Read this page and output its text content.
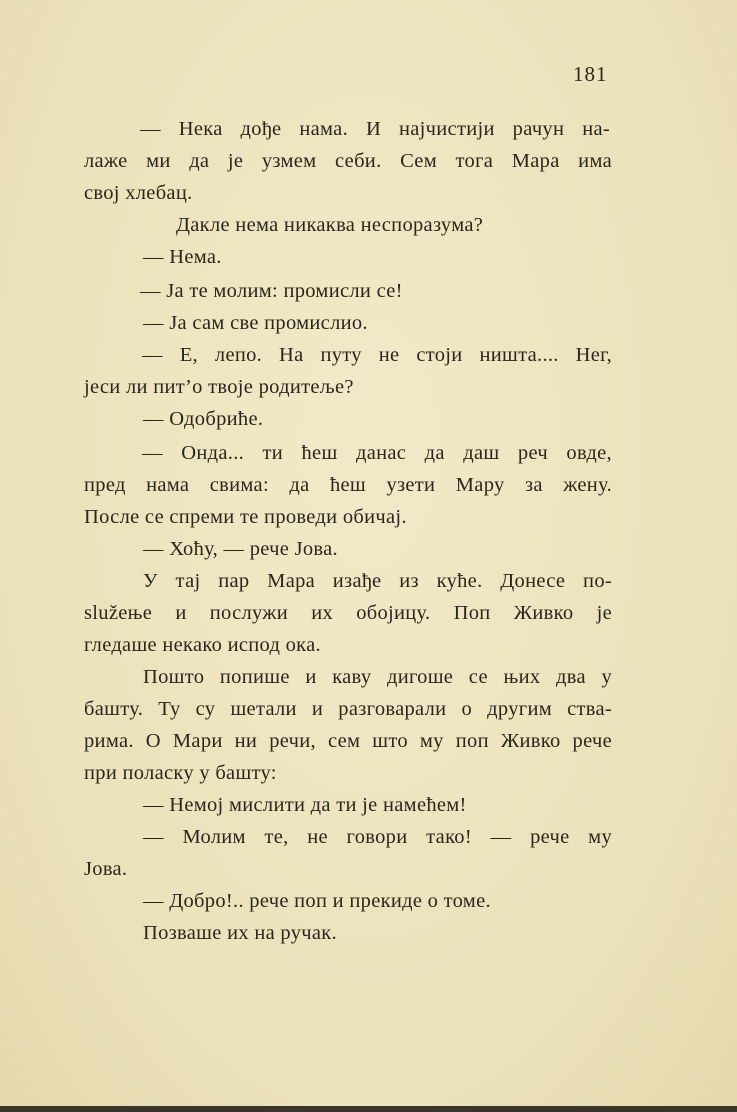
181
— Нека дође нама. И најчистији рачун на-
лаже ми да је узмем себи. Сем тога Мара има
свој хлебац.
Дакле нема никаква неспоразума?
— Нема.
— Ја те молим: промисли се!
— Ја сам све промислио.
— Е, лепо. На путу не стоји ништа.... Нег,
јеси ли пит’о твоје родитеље?
— Одобриће.
— Онда... ти ћеш данас да даш реч овде,
пред нама свима: да ћеш узети Мару за жену.
После се спреми те проведи обичај.
— Хоћу, — рече Јова.
У тај пар Мара изађе из куће. Донесе по-
služење и послужи их обојицу. Поп Живко је
гледаше некако испод ока.
Пошто попише и каву дигоше се њих два у
башту. Ту су шетали и разговарали о другим ства-
рима. О Мари ни речи, сем што му поп Живко рече
при поласку у башту:
— Немој мислити да ти је намећем!
— Молим те, не говори тако! — рече му
Јова.
— Добро!.. рече поп и прекиде о томе.
Позваше их на ручак.
